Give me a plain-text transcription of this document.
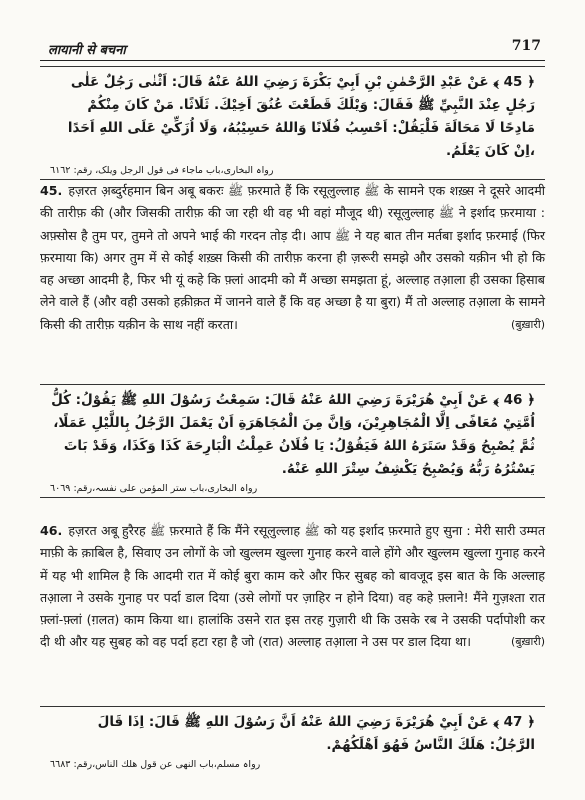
लायानी से बचना	717
﴿ 45 ﴾ عَنْ عَبْدِ الرَّحْمٰنِ بْنِ اَبِيْ بَكْرَةَ رَضِيَ اللهُ عَنْهُ قَالَ: اَثْنٰى رَجُلٌ عَلٰى رَجُلٍ عِنْدَ النَّبِيِّ ﷺ فَقَالَ: وَيْلَكَ قَطَعْتَ عُنُقَ اَخِيْكَ. ثَلَاثًا. مَنْ كَانَ مِنْكُمْ مَادِحًا لَا مَحَالَةَ فَلْيَقُلْ: اَحْسِبُ فُلَانًا وَاللهُ حَسِيْبُهُ، وَلَا اُزَكِّيْ عَلَى اللهِ اَحَدًا ،اِنْ كَانَ يَعْلَمُ.
رواہ البخاری،باب ماجاء فی قول الرجل ویلک، رقم: ٦١٦٢
45. हज़रत अ़ब्दुर्रहमान बिन अबू बकरः ﷺ फ़रमाते हैं कि रसूलुल्लाह ﷺ के सामने एक शख़्स ने दूसरे आदमी की तारीफ़ की (और जिसकी तारीफ़ की जा रही थी वह भी वहां मौजूद थी) रसूलुल्लाह ﷺ ने इर्शाद फ़रमाया : अफ़्सोस है तुम पर, तुमने तो अपने भाई की गरदन तोड़ दी। आप ﷺ ने यह बात तीन मर्तबा इर्शाद फ़रमाई (फिर फ़रमाया कि) अगर तुम में से कोई शख़्स किसी की तारीफ़ करना ही ज़रूरी समझे और उसको यक़ीन भी हो कि वह अच्छा आदमी है, फिर भी यूं कहे कि फ़्लां आदमी को मैं अच्छा समझता हूं, अल्लाह तआ़ला ही उसका हिसाब लेने वाले हैं (और वही उसको हक़ीक़त में जानने वाले हैं कि वह अच्छा है या बुरा) मैं तो अल्लाह तआ़ला के सामने किसी की तारीफ़ यक़ीन के साथ नहीं करता।	(बुख़ारी)
﴿ 46 ﴾ عَنْ اَبِيْ هُرَيْرَةَ رَضِيَ اللهُ عَنْهُ قَالَ: سَمِعْتُ رَسُوْلَ اللهِ ﷺ يَقُوْلُ: كُلُّ اُمَّتِيْ مُعَافًى اِلَّا الْمُجَاهِرِيْنَ، وَاِنَّ مِنَ الْمُجَاهَرَةِ اَنْ يَعْمَلَ الرَّجُلُ بِاللَّيْلِ عَمَلًا، ثُمَّ يُصْبِحُ وَقَدْ سَتَرَهُ اللهُ فَيَقُوْلُ: يَا فُلَانُ عَمِلْتُ الْبَارِحَةَ كَذَا وَكَذَا، وَقَدْ بَاتَ يَسْتُرُهُ رَبُّهُ وَيُصْبِحُ يَكْشِفُ سِتْرَ اللهِ عَنْهُ.
رواہ البخاری،باب ستر المؤمن علی نفسہ،رقم: ٦٠٦٩
46. हज़रत अबू हुरैरह ﷺ फ़रमाते हैं कि मैंने रसूलुल्लाह ﷺ को यह इर्शाद फ़रमाते हुए सुना : मेरी सारी उम्मत माफ़ी के क़ाबिल है, सिवाए उन लोगों के जो खुल्लम खुल्ला गुनाह करने वाले होंगे और खुल्लम खुल्ला गुनाह करने में यह भी शामिल है कि आदमी रात में कोई बुरा काम करे और फिर सुबह को बावजूद इस बात के कि अल्लाह तआ़ला ने उसके गुनाह पर पर्दा डाल दिया (उसे लोगों पर ज़ाहिर न होने दिया) वह कहे फ़्लाने! मैंने गुज़श्ता रात फ़्लां-फ़्लां (ग़लत) काम किया था। हालांकि उसने रात इस तरह गुज़ारी थी कि उसके रब ने उसकी पर्दापोशी कर दी थी और यह सुबह को वह पर्दा हटा रहा है जो (रात) अल्लाह तआ़ला ने उस पर डाल दिया था।	(बुख़ारी)
﴿ 47 ﴾ عَنْ اَبِيْ هُرَيْرَةَ رَضِيَ اللهُ عَنْهُ اَنَّ رَسُوْلَ اللهِ ﷺ قَالَ: اِذَا قَالَ الرَّجُلُ: هَلَكَ النَّاسُ فَهُوَ اَهْلَكُهُمْ.
رواہ مسلم،باب النهی عن قول هلك الناس،رقم: ٦٦٨٣
